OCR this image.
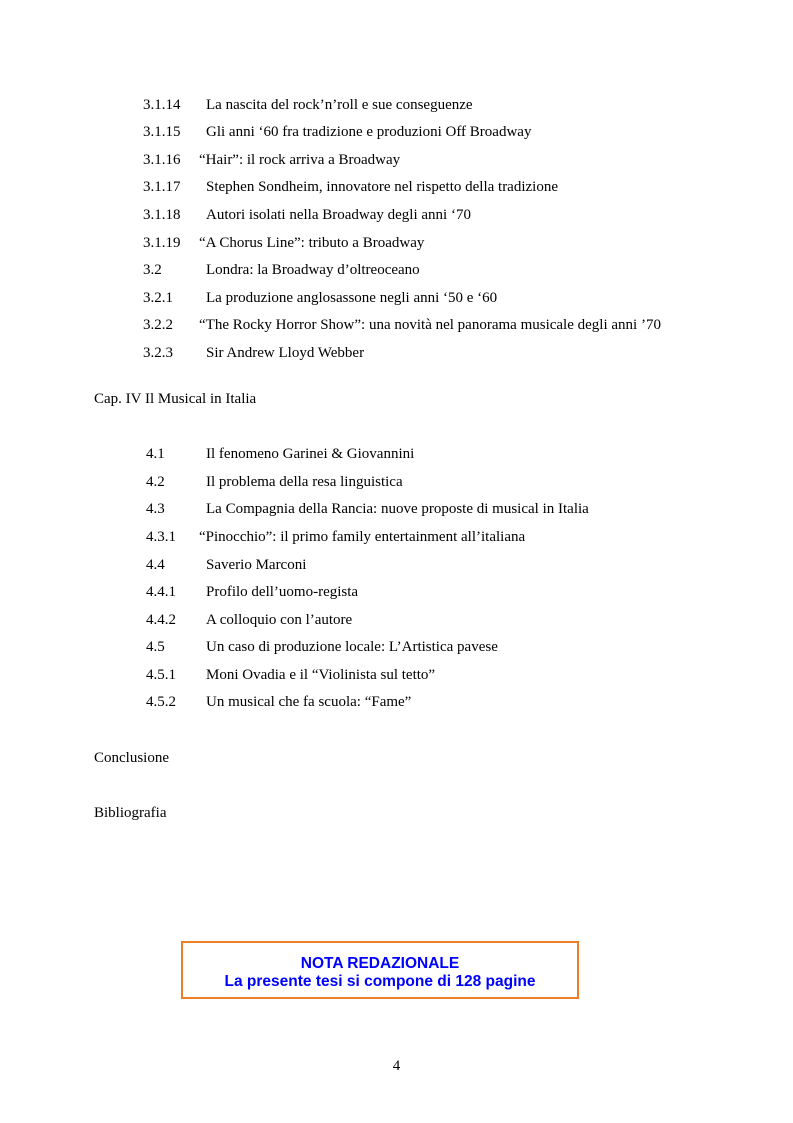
3.1.14 La nascita del rock’n’roll e sue conseguenze
3.1.15 Gli anni ‘60 fra tradizione e produzioni Off Broadway
3.1.16 “Hair”: il rock arriva a Broadway
3.1.17 Stephen Sondheim, innovatore nel rispetto della tradizione
3.1.18 Autori isolati nella Broadway degli anni ‘70
3.1.19 “A Chorus Line”: tributo a Broadway
3.2	Londra: la Broadway d’oltreoceano
3.2.1 La produzione anglosassone negli anni ‘50 e ‘60
3.2.2 “The Rocky Horror Show”: una novità nel panorama musicale degli anni ’70
3.2.3 Sir Andrew Lloyd Webber
Cap. IV Il Musical in Italia
4.1	Il fenomeno Garinei & Giovannini
4.2	Il problema della resa linguistica
4.3	La Compagnia della Rancia: nuove proposte di musical in Italia
4.3.1 “Pinocchio”: il primo family entertainment all’italiana
4.4	Saverio Marconi
4.4.1 Profilo dell’uomo-regista
4.4.2 A colloquio con l’autore
4.5	Un caso di produzione locale: L’Artistica pavese
4.5.1 Moni Ovadia e il “Violinista sul tetto”
4.5.2 Un musical che fa scuola: “Fame”
Conclusione
Bibliografia
NOTA REDAZIONALE
La presente tesi si compone di 128 pagine
4
